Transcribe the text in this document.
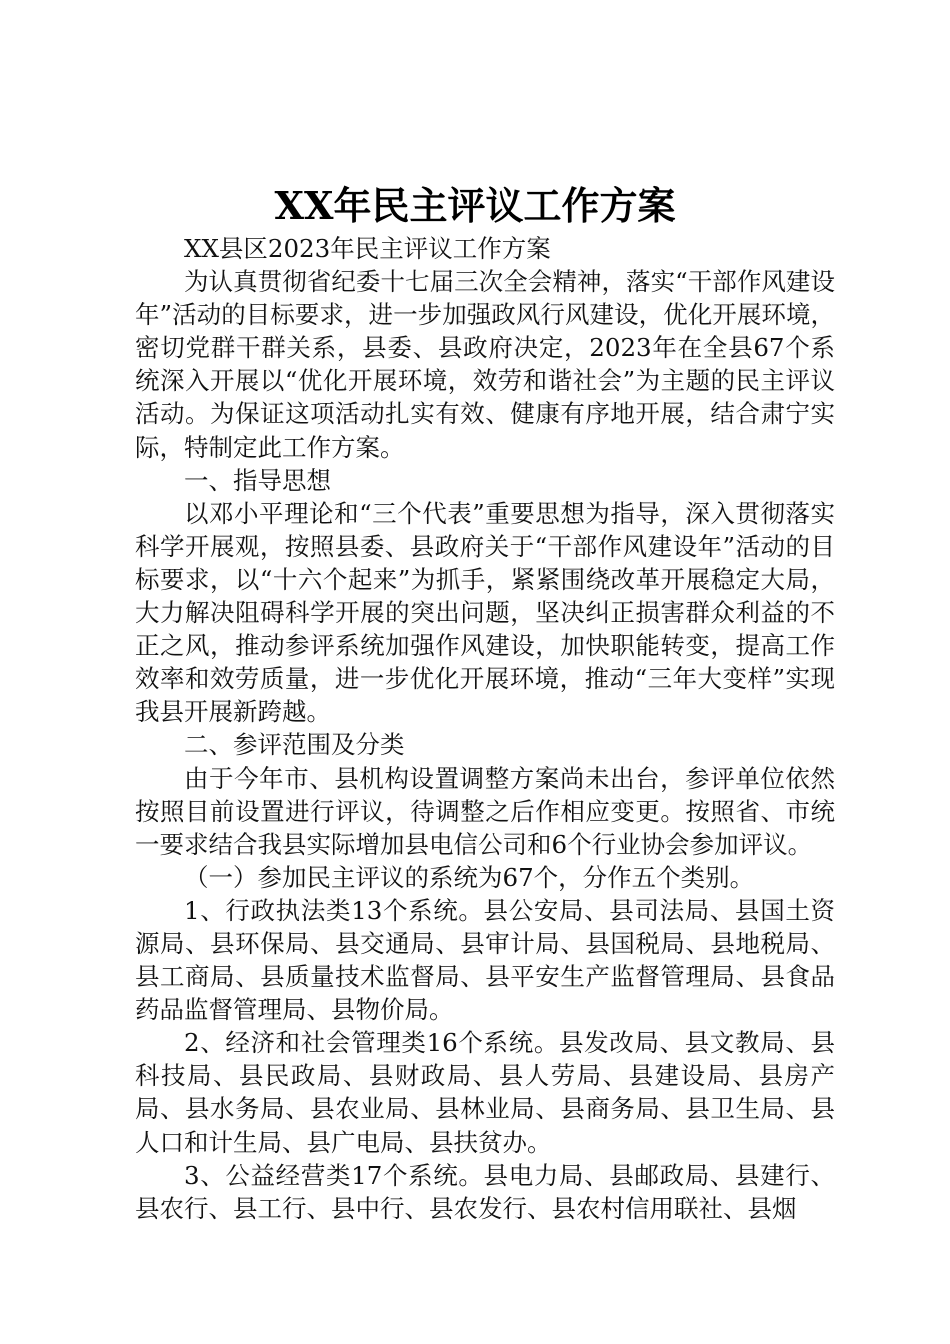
XX年民主评议工作方案

XX县区2023年民主评议工作方案

为认真贯彻省纪委十七届三次全会精神，落实“干部作风建设年”活动的目标要求，进一步加强政风行风建设，优化开展环境，密切党群干群关系，县委、县政府决定，2023年在全县67个系统深入开展以“优化开展环境，效劳和谐社会”为主题的民主评议活动。为保证这项活动扎实有效、健康有序地开展，结合肃宁实际，特制定此工作方案。

一、指导思想

以邓小平理论和“三个代表”重要思想为指导，深入贯彻落实科学开展观，按照县委、县政府关于“干部作风建设年”活动的目标要求，以“十六个起来”为抓手，紧紧围绕改革开展稳定大局，大力解决阻碍科学开展的突出问题，坚决纠正损害群众利益的不正之风，推动参评系统加强作风建设，加快职能转变，提高工作效率和效劳质量，进一步优化开展环境，推动“三年大变样”实现我县开展新跨越。

二、参评范围及分类

由于今年市、县机构设置调整方案尚未出台，参评单位依然按照目前设置进行评议，待调整之后作相应变更。按照省、市统一要求结合我县实际增加县电信公司和6个行业协会参加评议。

（一）参加民主评议的系统为67个，分作五个类别。

1、行政执法类13个系统。县公安局、县司法局、县国土资源局、县环保局、县交通局、县审计局、县国税局、县地税局、县工商局、县质量技术监督局、县平安生产监督管理局、县食品药品监督管理局、县物价局。

2、经济和社会管理类16个系统。县发改局、县文教局、县科技局、县民政局、县财政局、县人劳局、县建设局、县房产局、县水务局、县农业局、县林业局、县商务局、县卫生局、县人口和计生局、县广电局、县扶贫办。

3、公益经营类17个系统。县电力局、县邮政局、县建行、县农行、县工行、县中行、县农发行、县农村信用联社、县烟
